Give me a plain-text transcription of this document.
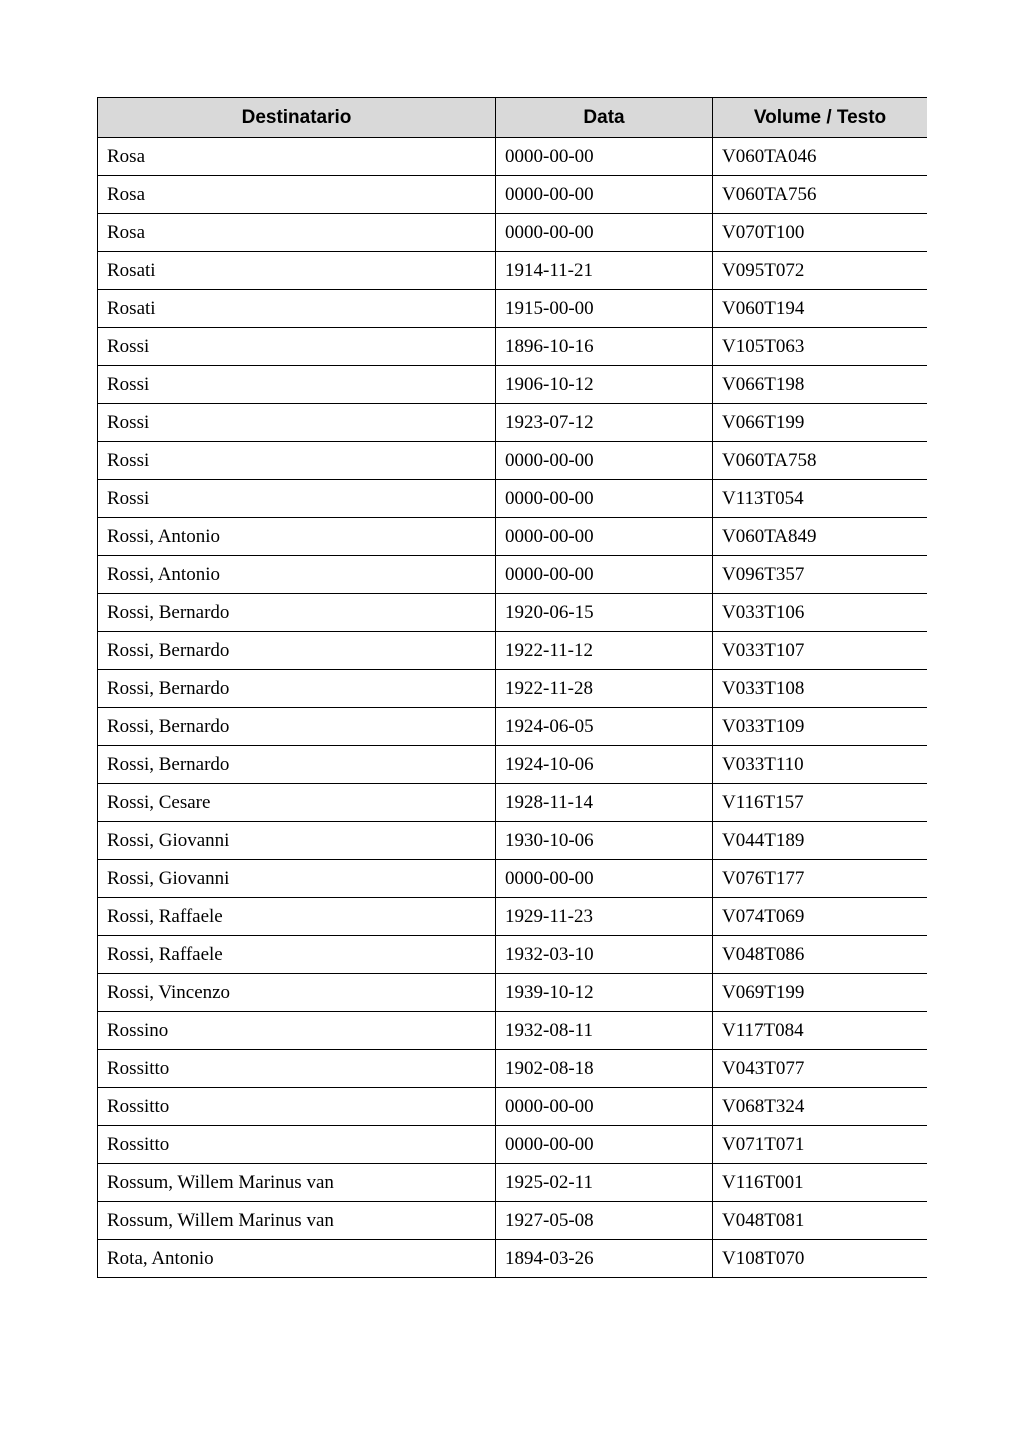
Destinatario	Data	Volume / Testo
Rosa	0000-00-00	V060TA046
Rosa	0000-00-00	V060TA756
Rosa	0000-00-00	V070T100
Rosati	1914-11-21	V095T072
Rosati	1915-00-00	V060T194
Rossi	1896-10-16	V105T063
Rossi	1906-10-12	V066T198
Rossi	1923-07-12	V066T199
Rossi	0000-00-00	V060TA758
Rossi	0000-00-00	V113T054
Rossi, Antonio	0000-00-00	V060TA849
Rossi, Antonio	0000-00-00	V096T357
Rossi, Bernardo	1920-06-15	V033T106
Rossi, Bernardo	1922-11-12	V033T107
Rossi, Bernardo	1922-11-28	V033T108
Rossi, Bernardo	1924-06-05	V033T109
Rossi, Bernardo	1924-10-06	V033T110
Rossi, Cesare	1928-11-14	V116T157
Rossi, Giovanni	1930-10-06	V044T189
Rossi, Giovanni	0000-00-00	V076T177
Rossi, Raffaele	1929-11-23	V074T069
Rossi, Raffaele	1932-03-10	V048T086
Rossi, Vincenzo	1939-10-12	V069T199
Rossino	1932-08-11	V117T084
Rossitto	1902-08-18	V043T077
Rossitto	0000-00-00	V068T324
Rossitto	0000-00-00	V071T071
Rossum, Willem Marinus van	1925-02-11	V116T001
Rossum, Willem Marinus van	1927-05-08	V048T081
Rota, Antonio	1894-03-26	V108T070
